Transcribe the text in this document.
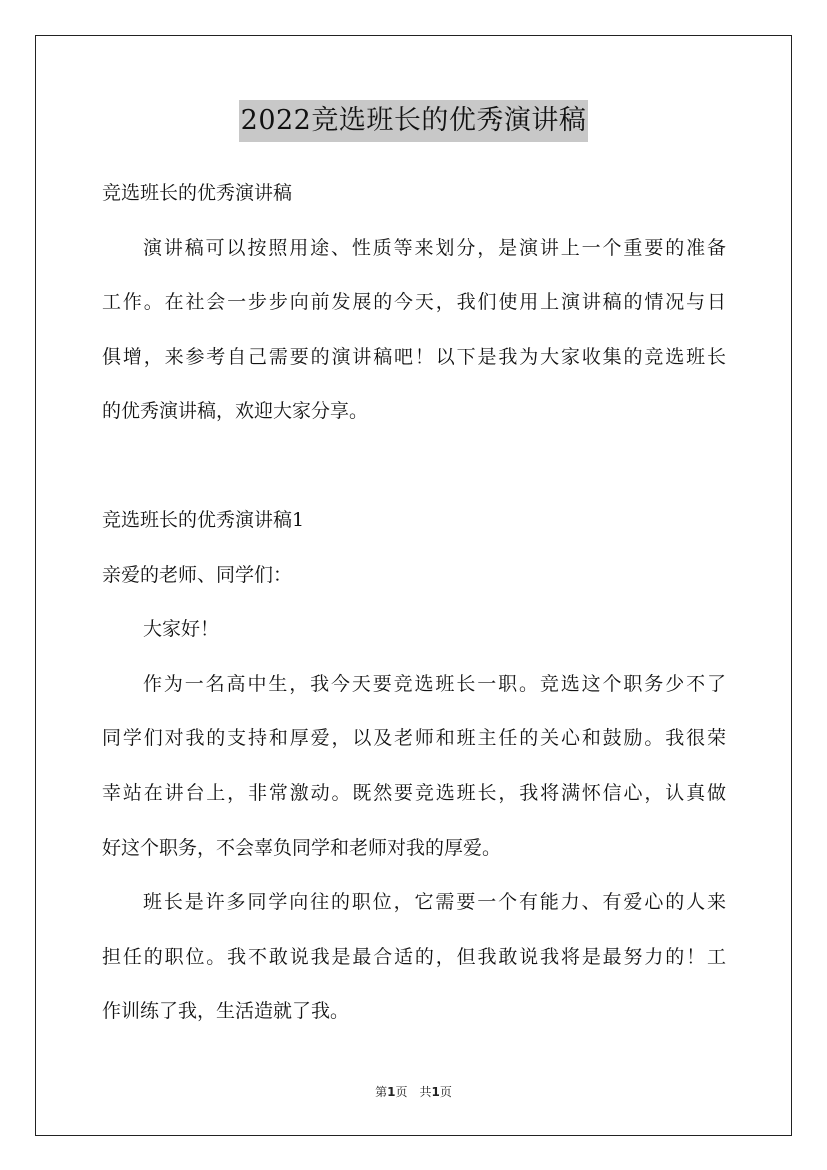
2022竞选班长的优秀演讲稿
竞选班长的优秀演讲稿
演讲稿可以按照用途、性质等来划分，是演讲上一个重要的准备
工作。在社会一步步向前发展的今天，我们使用上演讲稿的情况与日
俱增，来参考自己需要的演讲稿吧！以下是我为大家收集的竞选班长
的优秀演讲稿，欢迎大家分享。
竞选班长的优秀演讲稿1
亲爱的老师、同学们：
大家好！
作为一名高中生，我今天要竞选班长一职。竞选这个职务少不了
同学们对我的支持和厚爱，以及老师和班主任的关心和鼓励。我很荣
幸站在讲台上，非常激动。既然要竞选班长，我将满怀信心，认真做
好这个职务，不会辜负同学和老师对我的厚爱。
班长是许多同学向往的职位，它需要一个有能力、有爱心的人来
担任的职位。我不敢说我是最合适的，但我敢说我将是最努力的！工
作训练了我，生活造就了我。
第1页　共1页
